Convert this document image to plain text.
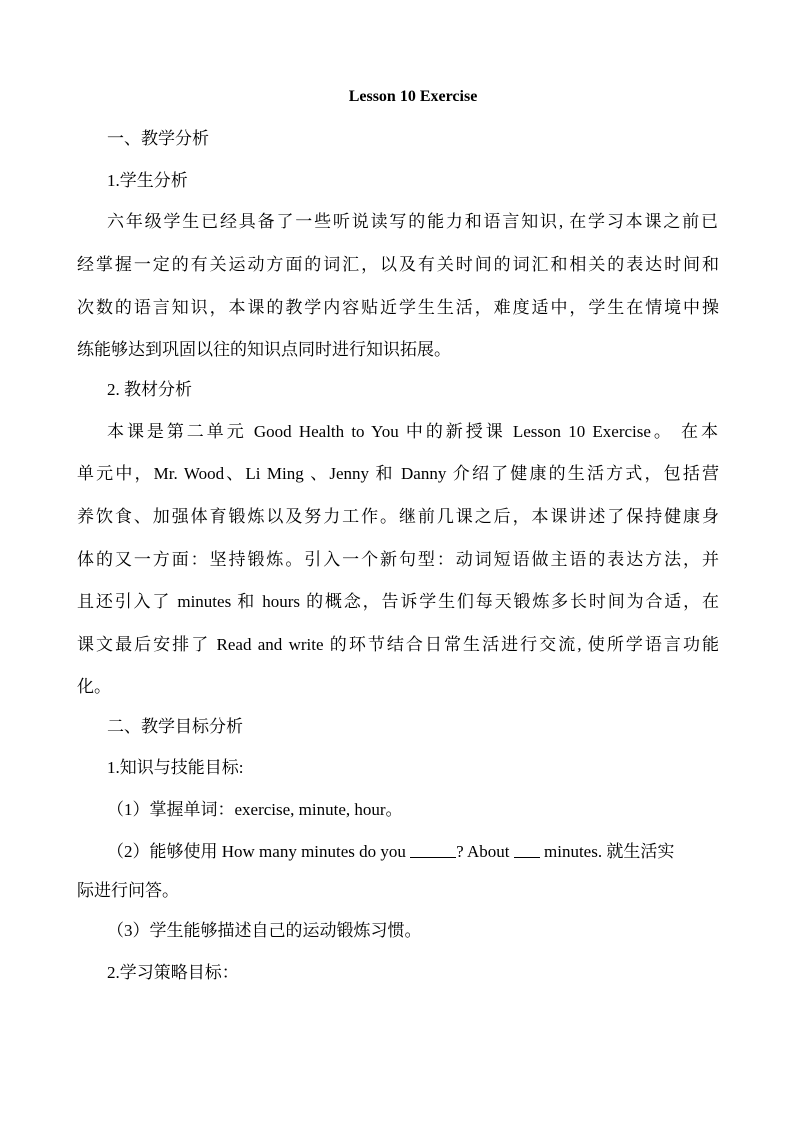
Lesson 10 Exercise
一、教学分析
1.学生分析
六年级学生已经具备了一些听说读写的能力和语言知识, 在学习本课之前已
经掌握一定的有关运动方面的词汇，以及有关时间的词汇和相关的表达时间和
次数的语言知识，本课的教学内容贴近学生生活，难度适中，学生在情境中操
练能够达到巩固以往的知识点同时进行知识拓展。
2. 教材分析
本课是第二单元 Good Health to You 中的新授课 Lesson 10 Exercise。 在本
单元中，Mr. Wood、Li Ming 、Jenny 和 Danny 介绍了健康的生活方式，包括营
养饮食、加强体育锻炼以及努力工作。继前几课之后，本课讲述了保持健康身
体的又一方面：坚持锻炼。引入一个新句型：动词短语做主语的表达方法，并
且还引入了 minutes 和 hours 的概念，告诉学生们每天锻炼多长时间为合适，在
课文最后安排了 Read and write 的环节结合日常生活进行交流, 使所学语言功能
化。
二、教学目标分析
1.知识与技能目标:
（1）掌握单词：exercise, minute, hour。
（2）能够使用 How many minutes do you	? About  minutes. 就生活实
际进行问答。
（3）学生能够描述自己的运动锻炼习惯。
2.学习策略目标：
